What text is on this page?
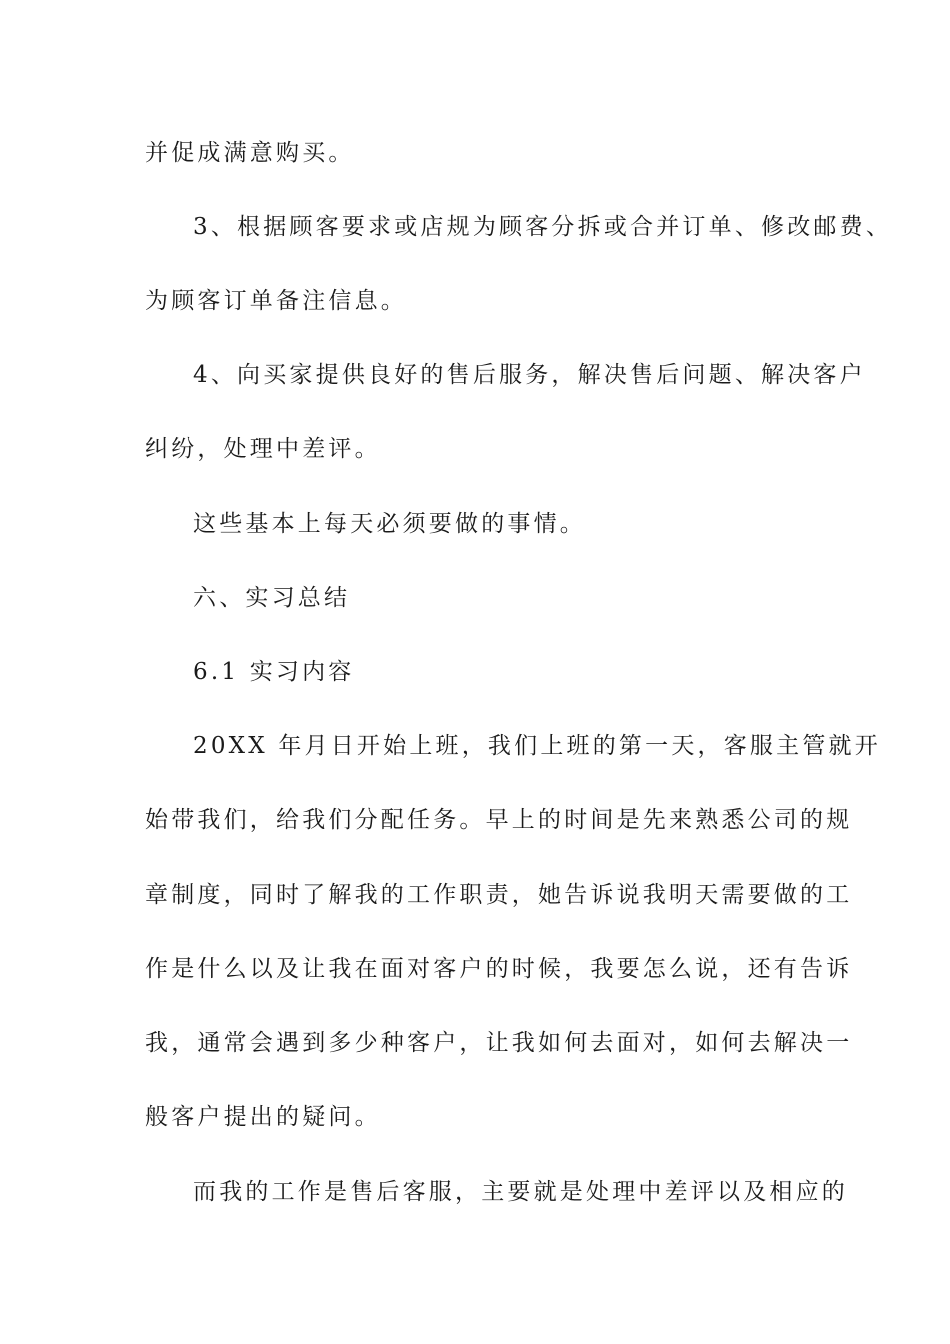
并促成满意购买。
3、根据顾客要求或店规为顾客分拆或合并订单、修改邮费、
为顾客订单备注信息。
4、向买家提供良好的售后服务，解决售后问题、解决客户
纠纷，处理中差评。
这些基本上每天必须要做的事情。
六、实习总结
6.1 实习内容
20XX 年月日开始上班，我们上班的第一天，客服主管就开
始带我们，给我们分配任务。早上的时间是先来熟悉公司的规
章制度，同时了解我的工作职责，她告诉说我明天需要做的工
作是什么以及让我在面对客户的时候，我要怎么说，还有告诉
我，通常会遇到多少种客户，让我如何去面对，如何去解决一
般客户提出的疑问。
而我的工作是售后客服，主要就是处理中差评以及相应的
